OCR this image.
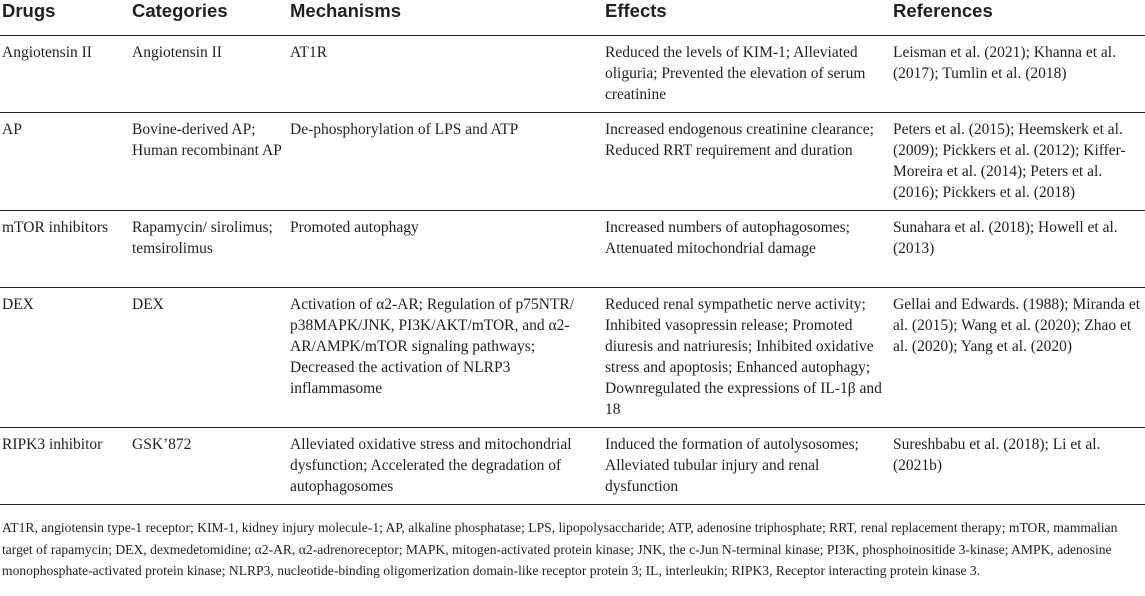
Drugs	Categories	Mechanisms	Effects	References
Angiotensin II	Angiotensin II	AT1R	Reduced the levels of KIM-1; Alleviated oliguria; Prevented the elevation of serum creatinine	Leisman et al. (2021); Khanna et al. (2017); Tumlin et al. (2018)
AP	Bovine-derived AP; Human recombinant AP	De-phosphorylation of LPS and ATP	Increased endogenous creatinine clearance; Reduced RRT requirement and duration	Peters et al. (2015); Heemskerk et al. (2009); Pickkers et al. (2012); Kiffer-Moreira et al. (2014); Peters et al. (2016); Pickkers et al. (2018)
mTOR inhibitors	Rapamycin/ sirolimus; temsirolimus	Promoted autophagy	Increased numbers of autophagosomes; Attenuated mitochondrial damage	Sunahara et al. (2018); Howell et al. (2013)
DEX	DEX	Activation of α2-AR; Regulation of p75NTR/ p38MAPK/JNK, PI3K/AKT/mTOR, and α2-AR/AMPK/mTOR signaling pathways; Decreased the activation of NLRP3 inflammasome	Reduced renal sympathetic nerve activity; Inhibited vasopressin release; Promoted diuresis and natriuresis; Inhibited oxidative stress and apoptosis; Enhanced autophagy; Downregulated the expressions of IL-1β and 18	Gellai and Edwards. (1988); Miranda et al. (2015); Wang et al. (2020); Zhao et al. (2020); Yang et al. (2020)
RIPK3 inhibitor	GSK’872	Alleviated oxidative stress and mitochondrial dysfunction; Accelerated the degradation of autophagosomes	Induced the formation of autolysosomes; Alleviated tubular injury and renal dysfunction	Sureshbabu et al. (2018); Li et al. (2021b)

AT1R, angiotensin type-1 receptor; KIM-1, kidney injury molecule-1; AP, alkaline phosphatase; LPS, lipopolysaccharide; ATP, adenosine triphosphate; RRT, renal replacement therapy; mTOR, mammalian target of rapamycin; DEX, dexmedetomidine; α2-AR, α2-adrenoreceptor; MAPK, mitogen-activated protein kinase; JNK, the c-Jun N-terminal kinase; PI3K, phosphoinositide 3-kinase; AMPK, adenosine monophosphate-activated protein kinase; NLRP3, nucleotide-binding oligomerization domain-like receptor protein 3; IL, interleukin; RIPK3, Receptor interacting protein kinase 3.
